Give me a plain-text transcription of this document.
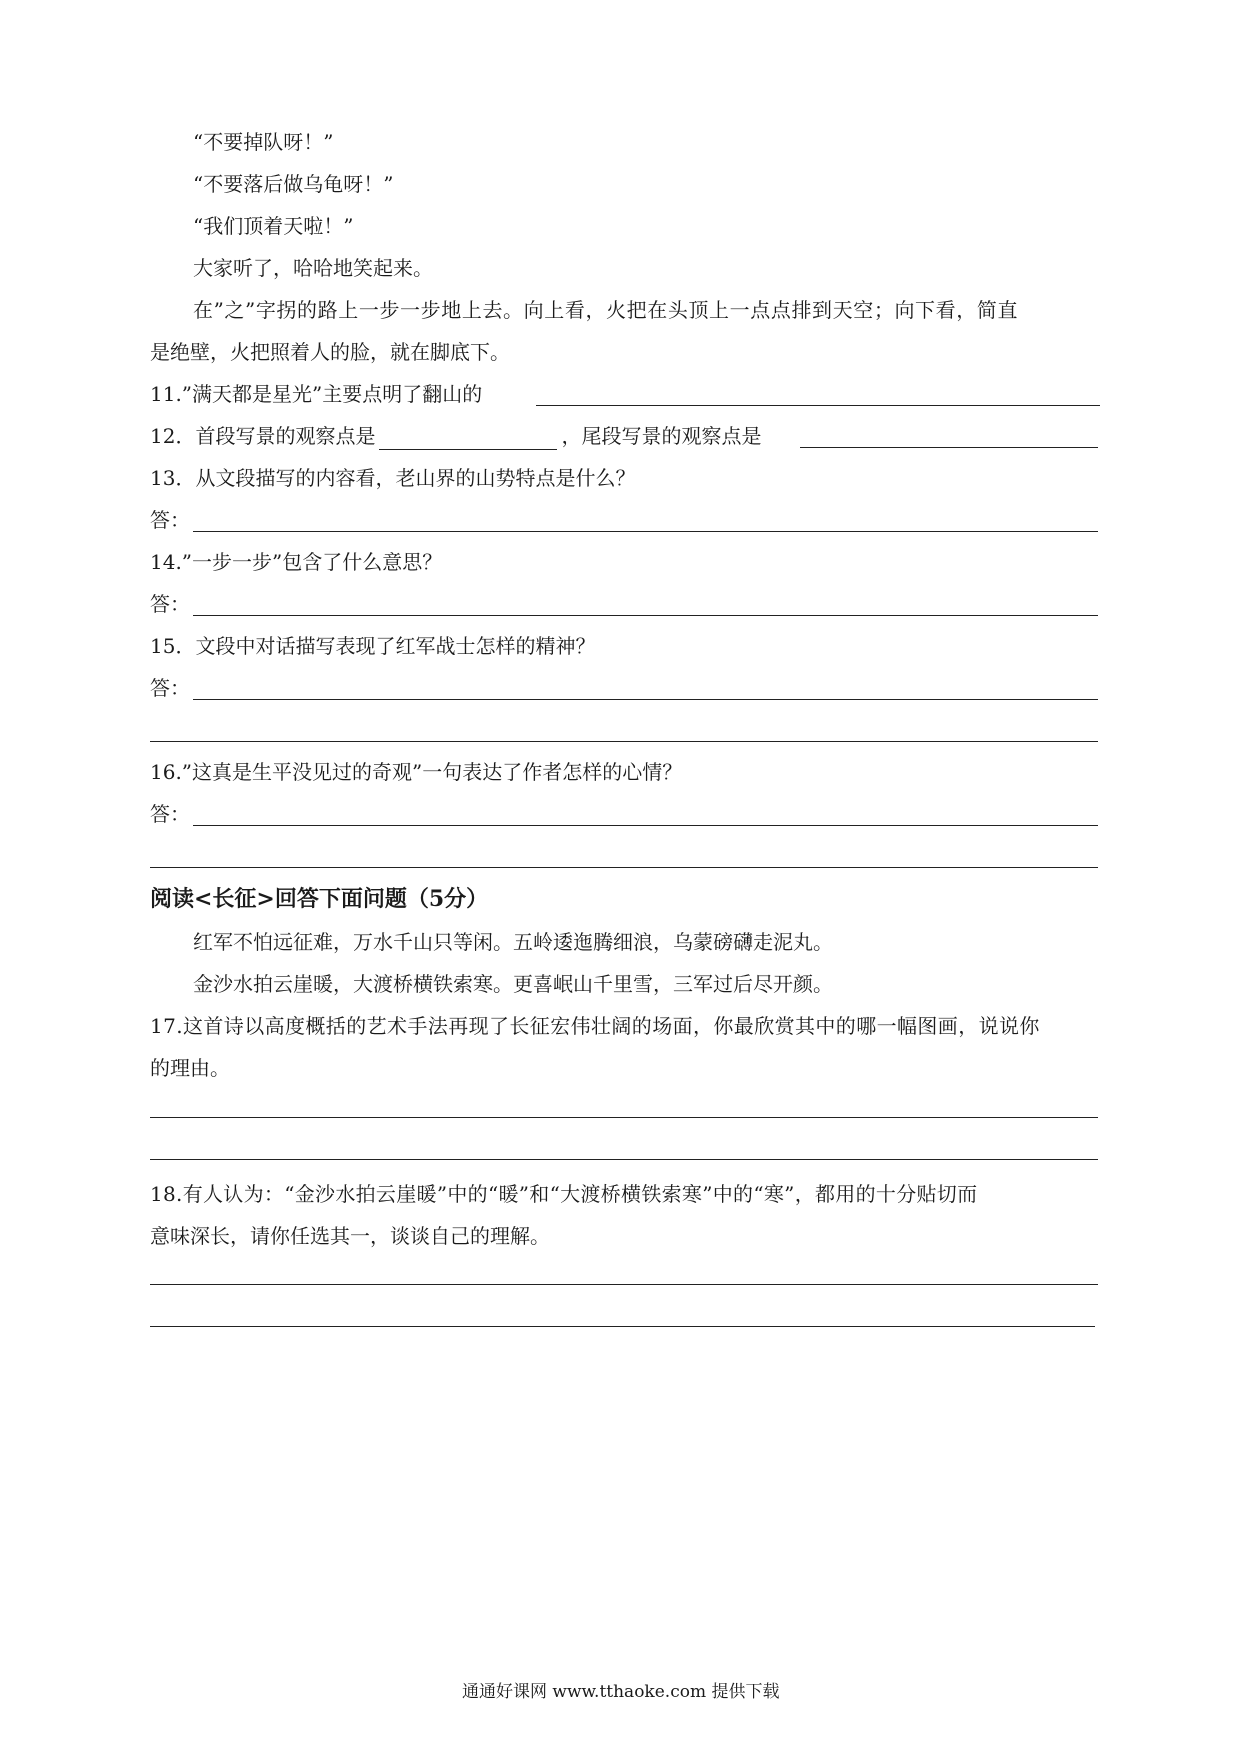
“不要掉队呀！”
“不要落后做乌龟呀！”
“我们顶着天啦！”
大家听了，哈哈地笑起来。
在”之”字拐的路上一步一步地上去。向上看，火把在头顶上一点点排到天空；向下看，简直
是绝壁，火把照着人的脸，就在脚底下。
11.”满天都是星光”主要点明了翻山的
12．首段写景的观察点是	，尾段写景的观察点是
13．从文段描写的内容看，老山界的山势特点是什么？
答：
14.”一步一步”包含了什么意思？
答：
15．文段中对话描写表现了红军战士怎样的精神？
答：
16.”这真是生平没见过的奇观”一句表达了作者怎样的心情？
答：
阅读<长征>回答下面问题（5分）
红军不怕远征难，万水千山只等闲。五岭逶迤腾细浪，乌蒙磅礴走泥丸。
金沙水拍云崖暖，大渡桥横铁索寒。更喜岷山千里雪，三军过后尽开颜。
17.这首诗以高度概括的艺术手法再现了长征宏伟壮阔的场面，你最欣赏其中的哪一幅图画，说说你
的理由。
18.有人认为：“金沙水拍云崖暖”中的“暖”和“大渡桥横铁索寒”中的“寒”，都用的十分贴切而
意味深长，请你任选其一，谈谈自己的理解。
通通好课网 www.tthaoke.com 提供下载
